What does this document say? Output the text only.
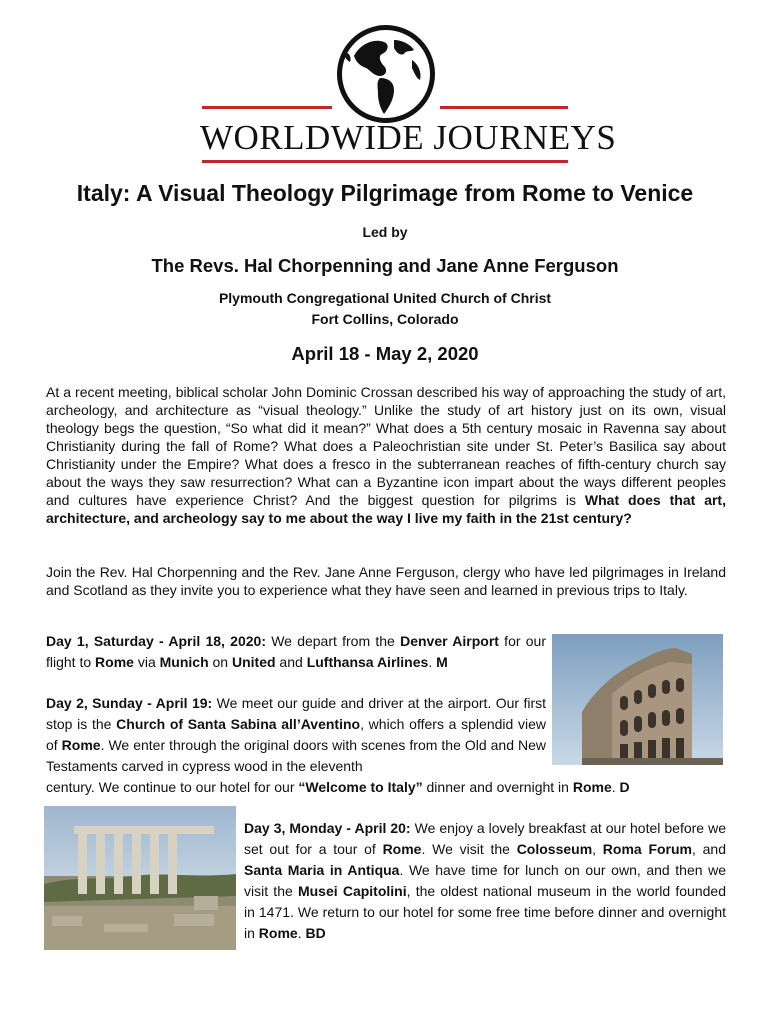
WORLDWIDE JOURNEYS
Italy: A Visual Theology Pilgrimage from Rome to Venice
Led by
The Revs. Hal Chorpenning and Jane Anne Ferguson
Plymouth Congregational United Church of Christ
Fort Collins, Colorado
April 18 - May 2, 2020
At a recent meeting, biblical scholar John Dominic Crossan described his way of approaching the study of art, archeology, and architecture as “visual theology.” Unlike the study of art history just on its own, visual theology begs the question, “So what did it mean?” What does a 5th century mosaic in Ravenna say about Christianity during the fall of Rome? What does a Paleochristian site under St. Peter’s Basilica say about Christianity under the Empire? What does a fresco in the subterranean reaches of fifth-century church say about the ways they saw resurrection? What can a Byzantine icon impart about the ways different peoples and cultures have experience Christ? And the biggest question for pilgrims is What does that art, architecture, and archeology say to me about the way I live my faith in the 21st century?
Join the Rev. Hal Chorpenning and the Rev. Jane Anne Ferguson, clergy who have led pilgrimages in Ireland and Scotland as they invite you to experience what they have seen and learned in previous trips to Italy.
Day 1, Saturday - April 18, 2020: We depart from the Denver Airport for our flight to Rome via Munich on United and Lufthansa Airlines. M
Day 2, Sunday - April 19: We meet our guide and driver at the airport. Our first stop is the Church of Santa Sabina all’Aventino, which offers a splendid view of Rome. We enter through the original doors with scenes from the Old and New Testaments carved in cypress wood in the eleventh
century. We continue to our hotel for our “Welcome to Italy” dinner and overnight in Rome. D
Day 3, Monday - April 20: We enjoy a lovely breakfast at our hotel before we set out for a tour of Rome. We visit the Colosseum, Roma Forum, and Santa Maria in Antiqua. We have time for lunch on our own, and then we visit the Musei Capitolini, the oldest national museum in the world founded in 1471. We return to our hotel for some free time before dinner and overnight in Rome. BD
